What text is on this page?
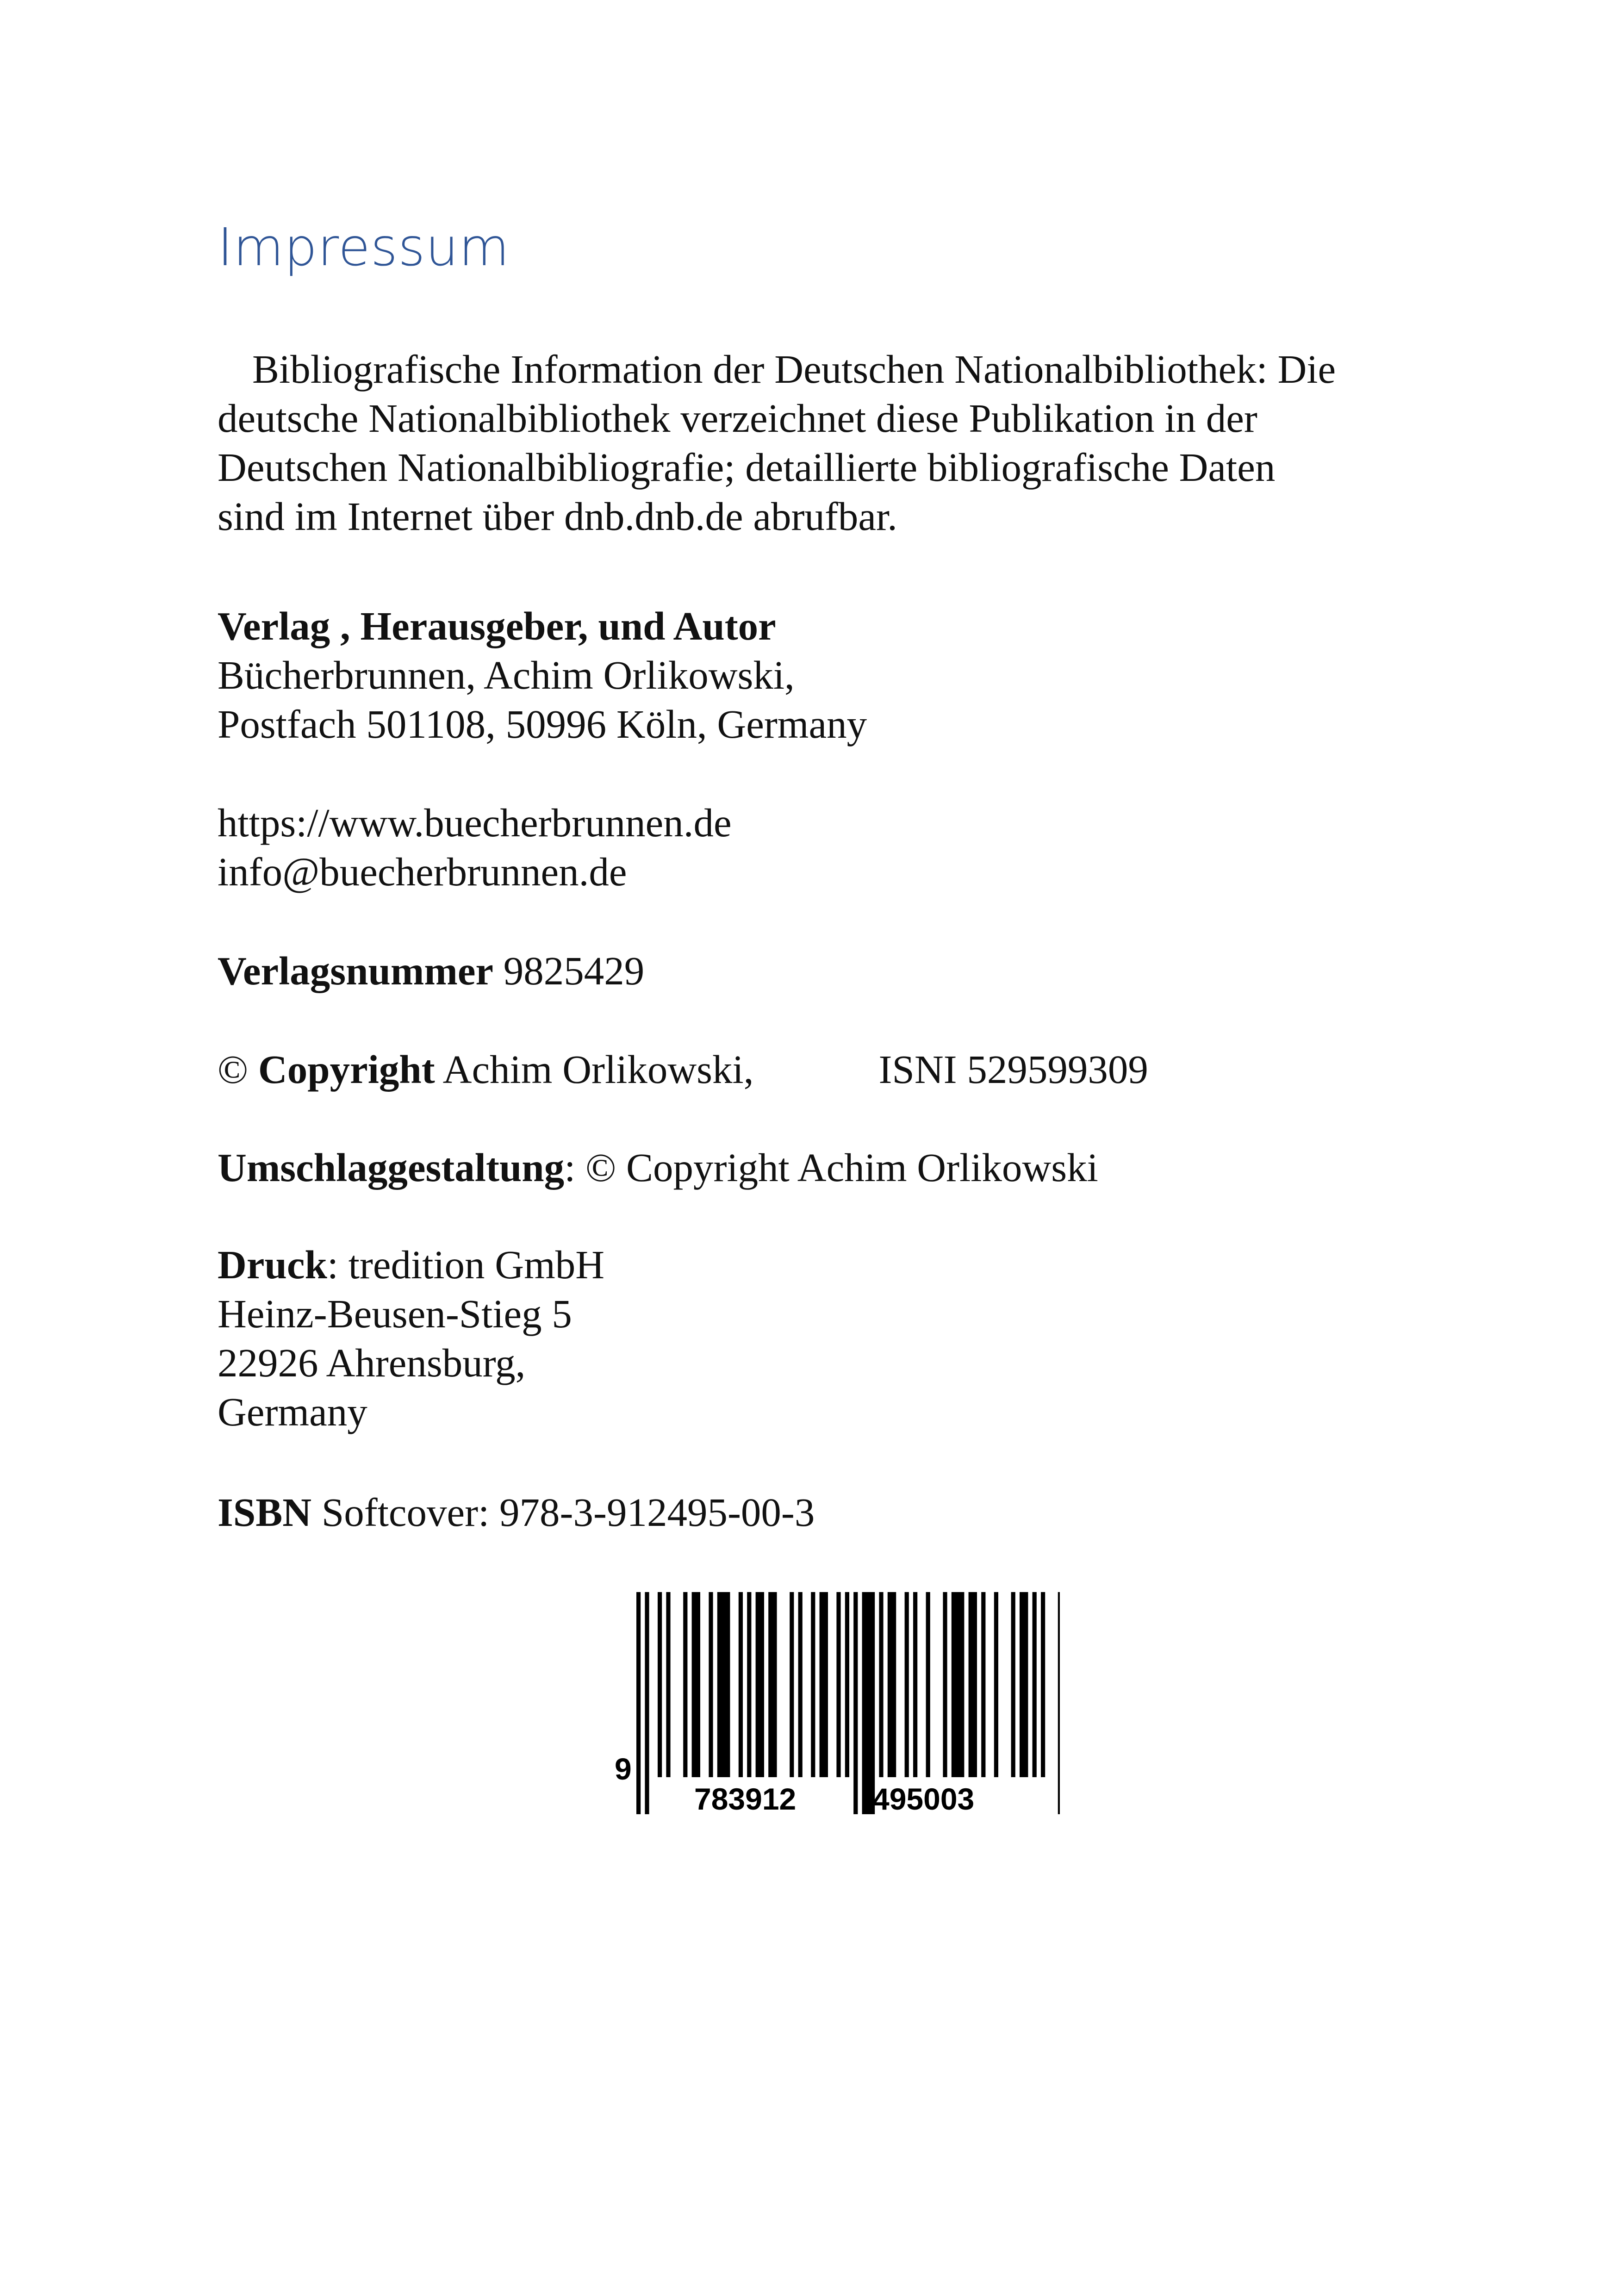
Impressum
Bibliografische Information der Deutschen Nationalbibliothek: Die
deutsche Nationalbibliothek verzeichnet diese Publikation in der
Deutschen Nationalbibliografie; detaillierte bibliografische Daten
sind im Internet über dnb.dnb.de abrufbar.
Verlag , Herausgeber, und Autor
Bücherbrunnen, Achim Orlikowski,
Postfach 501108, 50996 Köln, Germany
https://www.buecherbrunnen.de
info@buecherbrunnen.de
Verlagsnummer 9825429
© Copyright Achim Orlikowski,	ISNI 529599309
Umschlaggestaltung: © Copyright Achim Orlikowski
Druck: tredition GmbH
Heinz-Beusen-Stieg 5
22926 Ahrensburg,
Germany
ISBN Softcover: 978-3-912495-00-3
9
783912 495003
